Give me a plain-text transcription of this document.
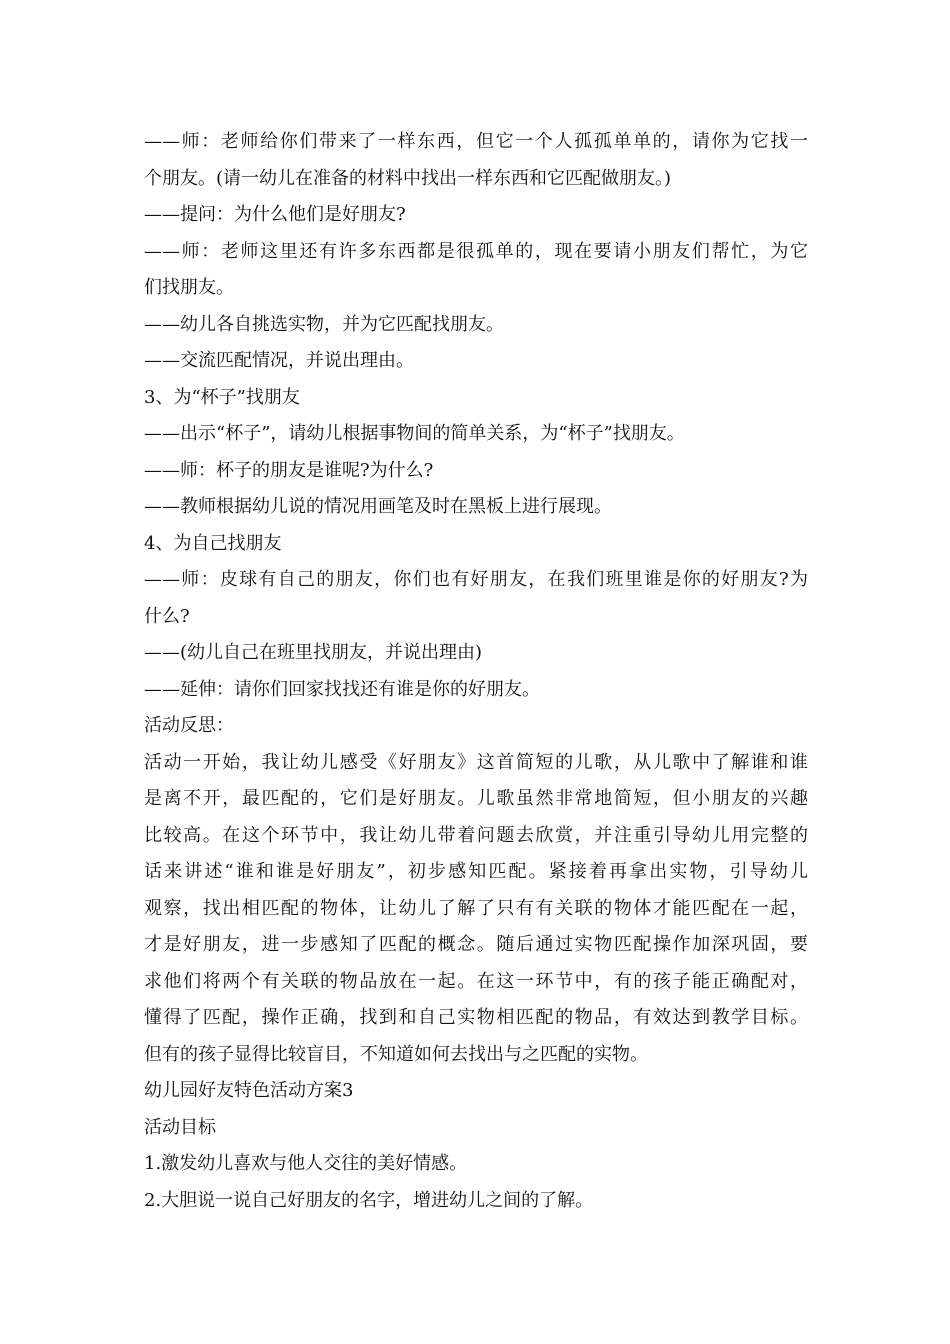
——师：老师给你们带来了一样东西，但它一个人孤孤单单的，请你为它找一

个朋友。(请一幼儿在准备的材料中找出一样东西和它匹配做朋友。)

——提问：为什么他们是好朋友?

——师：老师这里还有许多东西都是很孤单的，现在要请小朋友们帮忙，为它

们找朋友。

——幼儿各自挑选实物，并为它匹配找朋友。

——交流匹配情况，并说出理由。

3、为“杯子”找朋友

——出示“杯子”，请幼儿根据事物间的简单关系，为“杯子”找朋友。

——师：杯子的朋友是谁呢?为什么?

——教师根据幼儿说的情况用画笔及时在黑板上进行展现。

4、为自己找朋友

——师：皮球有自己的朋友，你们也有好朋友，在我们班里谁是你的好朋友?为

什么?

——(幼儿自己在班里找朋友，并说出理由)

——延伸：请你们回家找找还有谁是你的好朋友。

活动反思：

活动一开始，我让幼儿感受《好朋友》这首简短的儿歌，从儿歌中了解谁和谁

是离不开，最匹配的，它们是好朋友。儿歌虽然非常地简短，但小朋友的兴趣

比较高。在这个环节中，我让幼儿带着问题去欣赏，并注重引导幼儿用完整的

话来讲述“谁和谁是好朋友”，初步感知匹配。紧接着再拿出实物，引导幼儿

观察，找出相匹配的物体，让幼儿了解了只有有关联的物体才能匹配在一起，

才是好朋友，进一步感知了匹配的概念。随后通过实物匹配操作加深巩固，要

求他们将两个有关联的物品放在一起。在这一环节中，有的孩子能正确配对，

懂得了匹配，操作正确，找到和自己实物相匹配的物品，有效达到教学目标。

但有的孩子显得比较盲目，不知道如何去找出与之匹配的实物。

幼儿园好友特色活动方案3

活动目标

1.激发幼儿喜欢与他人交往的美好情感。

2.大胆说一说自己好朋友的名字，增进幼儿之间的了解。
